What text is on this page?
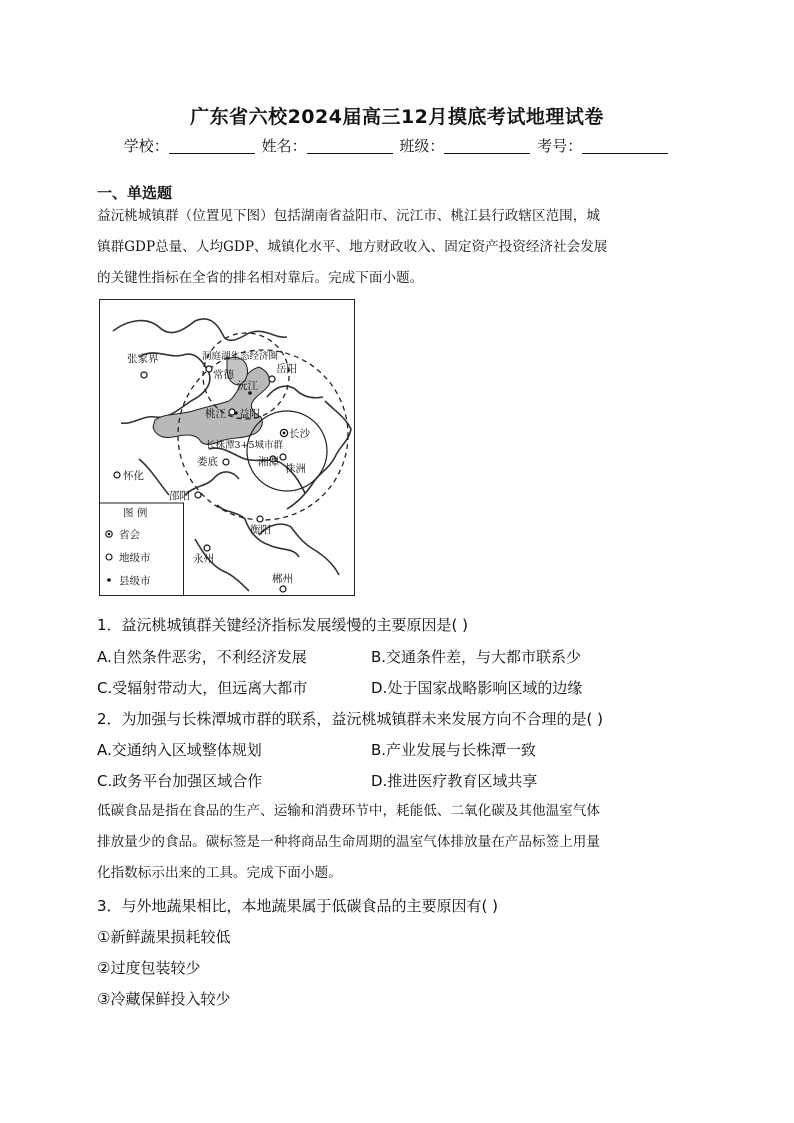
广东省六校2024届高三12月摸底考试地理试卷
学校：	姓名：	班级：	考号：
一、单选题
益沅桃城镇群（位置见下图）包括湖南省益阳市、沅江市、桃江县行政辖区范围，城
镇群GDP总量、人均GDP、城镇化水平、地方财政收入、固定资产投资经济社会发展
的关键性指标在全省的排名相对靠后。完成下面小题。
张家界	洞庭湖生态经济圈
常德	岳阳
沅江
桃江 益阳
长沙
长株潭3+5城市群
娄底	湘潭
株洲
怀化
邵阳
衡阳
永州
郴州
图 例
省会
地级市
县级市
1．益沅桃城镇群关键经济指标发展缓慢的主要原因是( )
A.自然条件恶劣，不利经济发展	B.交通条件差，与大都市联系少
C.受辐射带动大，但远离大都市	D.处于国家战略影响区域的边缘
2．为加强与长株潭城市群的联系，益沅桃城镇群未来发展方向不合理的是( )
A.交通纳入区域整体规划	B.产业发展与长株潭一致
C.政务平台加强区域合作	D.推进医疗教育区域共享
低碳食品是指在食品的生产、运输和消费环节中，耗能低、二氧化碳及其他温室气体
排放量少的食品。碳标签是一种将商品生命周期的温室气体排放量在产品标签上用量
化指数标示出来的工具。完成下面小题。
3．与外地蔬果相比，本地蔬果属于低碳食品的主要原因有( )
①新鲜蔬果损耗较低
②过度包装较少
③冷藏保鲜投入较少
